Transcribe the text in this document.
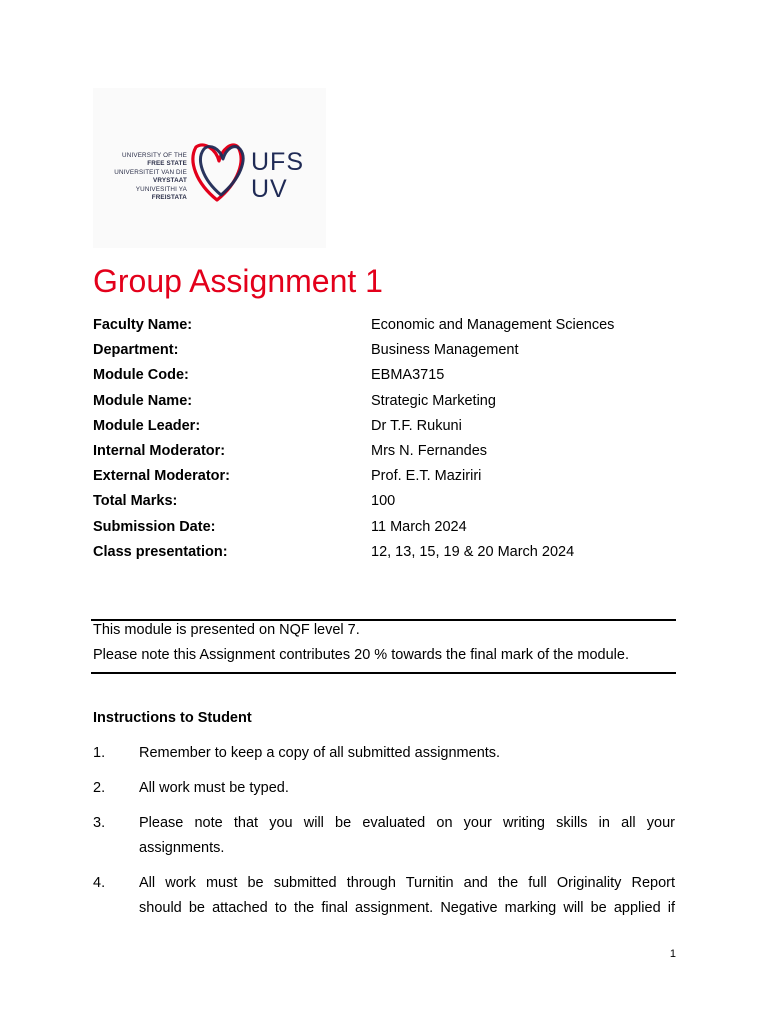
UNIVERSITY OF THE
FREE STATE
UNIVERSITEIT VAN DIE
VRYSTAAT
YUNIVESITHI YA
FREISTATA
UFS
UV
Group Assignment 1
Faculty Name:	Economic and Management Sciences
Department:	Business Management
Module Code:	EBMA3715
Module Name:	Strategic Marketing
Module Leader:	Dr T.F. Rukuni
Internal Moderator:	Mrs N. Fernandes
External Moderator:	Prof. E.T. Maziriri
Total Marks:	100
Submission Date:	11 March 2024
Class presentation:	12, 13, 15, 19 & 20 March 2024
This module is presented on NQF level 7.
Please note this Assignment contributes 20 % towards the final mark of the module.
Instructions to Student
1. Remember to keep a copy of all submitted assignments.
2. All work must be typed.
3. Please note that you will be evaluated on your writing skills in all your
assignments.
4. All work must be submitted through Turnitin and the full Originality Report
should be attached to the final assignment. Negative marking will be applied if
1
